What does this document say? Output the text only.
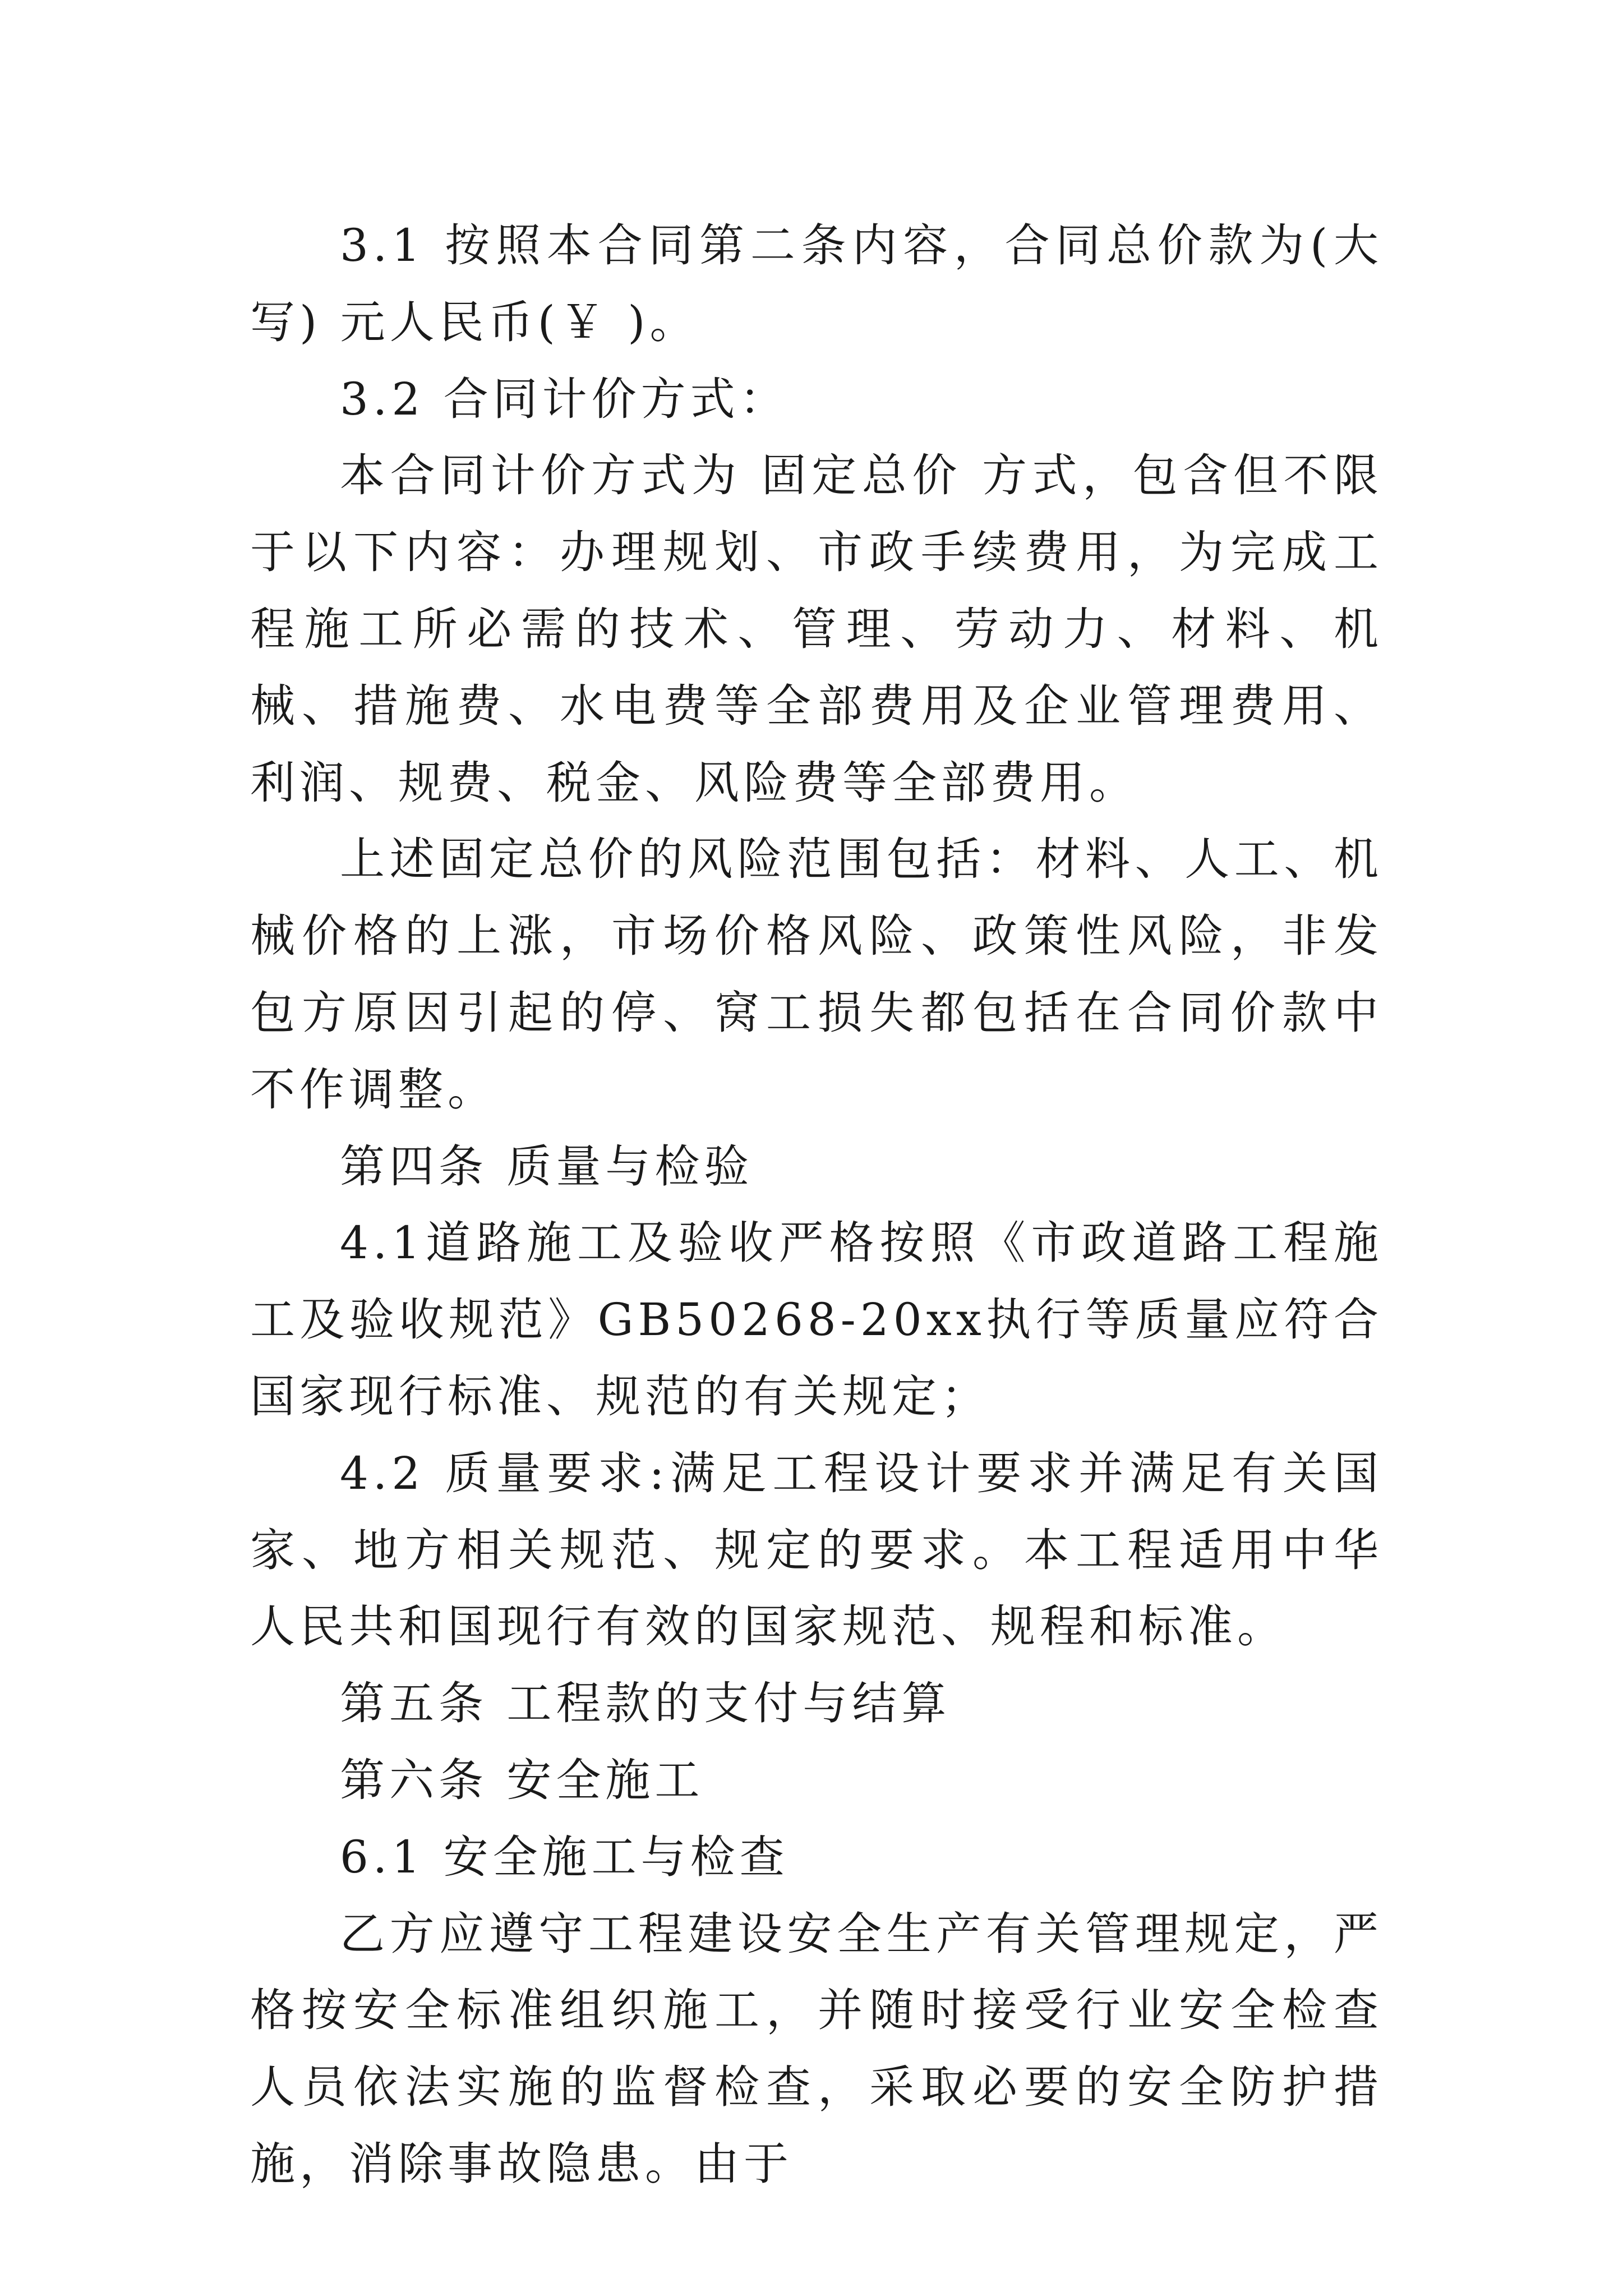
3.1 按照本合同第二条内容，合同总价款为(大写) 元人民币(￥ )。

3.2 合同计价方式：

本合同计价方式为 固定总价 方式，包含但不限于以下内容：办理规划、市政手续费用，为完成工程施工所必需的技术、管理、劳动力、材料、机械、措施费、水电费等全部费用及企业管理费用、利润、规费、税金、风险费等全部费用。

上述固定总价的风险范围包括：材料、人工、机械价格的上涨，市场价格风险、政策性风险，非发包方原因引起的停、窝工损失都包括在合同价款中不作调整。

第四条 质量与检验

4.1道路施工及验收严格按照《市政道路工程施工及验收规范》GB50268-20xx执行等质量应符合国家现行标准、规范的有关规定；

4.2 质量要求:满足工程设计要求并满足有关国家、地方相关规范、规定的要求。本工程适用中华人民共和国现行有效的国家规范、规程和标准。

第五条 工程款的支付与结算

第六条 安全施工

6.1 安全施工与检查

乙方应遵守工程建设安全生产有关管理规定，严格按安全标准组织施工，并随时接受行业安全检查人员依法实施的监督检查，采取必要的安全防护措施，消除事故隐患。由于
